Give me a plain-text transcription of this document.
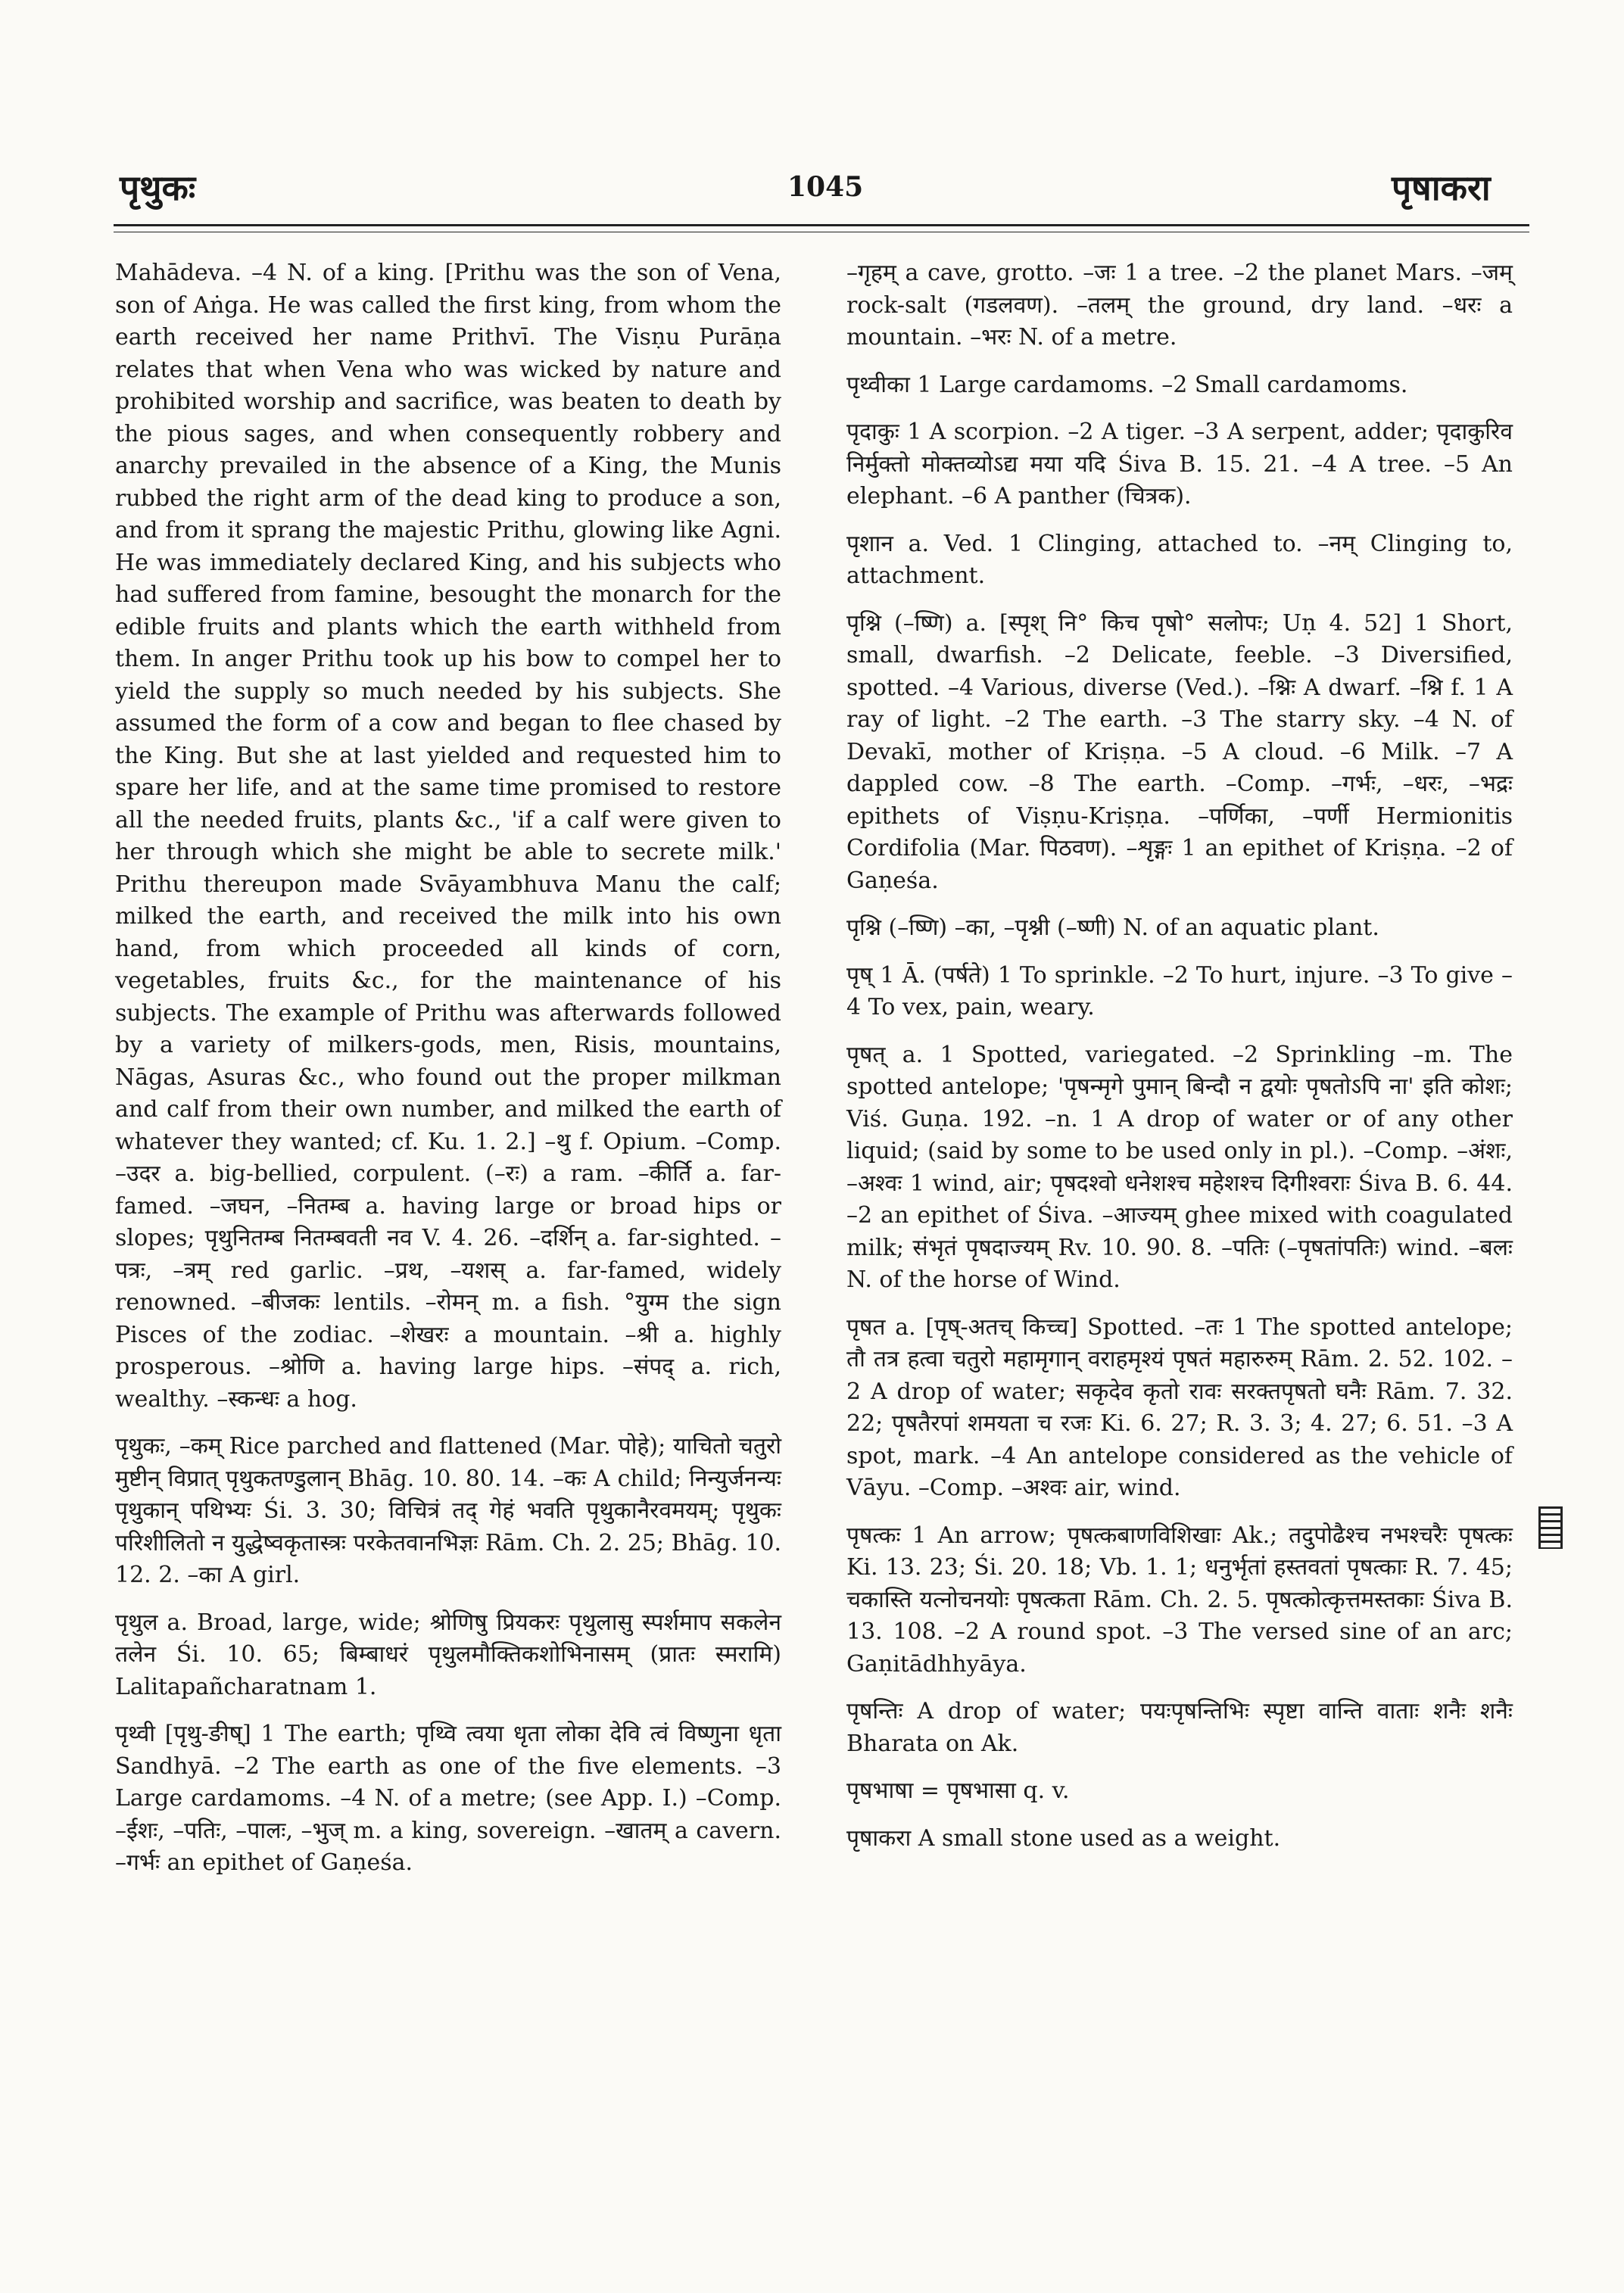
पृथुकः	1045	पृषाकरा

Mahādeva. –4 N. of a king. [Prithu was the son of Vena, son of Aṅga. He was called the first king, from whom the earth received her name Prithvī. The Visṇu Purāṇa relates that when Vena who was wicked by nature and prohibited worship and sacrifice, was beaten to death by the pious sages, and when consequently robbery and anarchy prevailed in the absence of a King, the Munis rubbed the right arm of the dead king to produce a son, and from it sprang the majestic Prithu, glowing like Agni. He was immediately declared King, and his subjects who had suffered from famine, besought the monarch for the edible fruits and plants which the earth withheld from them. In anger Prithu took up his bow to compel her to yield the supply so much needed by his subjects. She assumed the form of a cow and began to flee chased by the King. But she at last yielded and requested him to spare her life, and at the same time promised to restore all the needed fruits, plants &c., 'if a calf were given to her through which she might be able to secrete milk.' Prithu thereupon made Svāyambhuva Manu the calf; milked the earth, and received the milk into his own hand, from which proceeded all kinds of corn, vegetables, fruits &c., for the maintenance of his subjects. The example of Prithu was afterwards followed by a variety of milkers-gods, men, Risis, mountains, Nāgas, Asuras &c., who found out the proper milkman and calf from their own number, and milked the earth of whatever they wanted; cf. Ku. 1. 2.] –थु f. Opium. –Comp. –उदर a. big-bellied, corpulent. (–रः) a ram. –कीर्ति a. far-famed. –जघन, –नितम्ब a. having large or broad hips or slopes; पृथुनितम्ब नितम्बवती नव V. 4. 26. –दर्शिन् a. far-sighted. –पत्रः, –त्रम् red garlic. –प्रथ, –यशस् a. far-famed, widely renowned. –बीजकः lentils. –रोमन् m. a fish. °युग्म the sign Pisces of the zodiac. –शेखरः a mountain. –श्री a. highly prosperous. –श्रोणि a. having large hips. –संपद् a. rich, wealthy. –स्कन्धः a hog.

पृथुकः, –कम् Rice parched and flattened (Mar. पोहे); याचितो चतुरो मुष्टीन् विप्रात् पृथुकतण्डुलान् Bhāg. 10. 80. 14. –कः A child; निन्युर्जनन्यः पृथुकान् पथिभ्यः Śi. 3. 30; विचित्रं तद् गेहं भवति पृथुकानैरवमयम्; पृथुकः परिशीलितो न युद्धेष्वकृतास्त्रः परकेतवानभिज्ञः Rām. Ch. 2. 25; Bhāg. 10. 12. 2. –का A girl.

पृथुल a. Broad, large, wide; श्रोणिषु प्रियकरः पृथुलासु स्पर्शमाप सकलेन तलेन Śi. 10. 65; बिम्बाधरं पृथुलमौक्तिकशोभिनासम् (प्रातः स्मरामि) Lalitapañcharatnam 1.

पृथ्वी [पृथु-ङीष्] 1 The earth; पृथ्वि त्वया धृता लोका देवि त्वं विष्णुना धृता Sandhyā. –2 The earth as one of the five elements. –3 Large cardamoms. –4 N. of a metre; (see App. I.) –Comp. –ईशः, –पतिः, –पालः, –भुज् m. a king, sovereign. –खातम् a cavern. –गर्भः an epithet of Gaṇeśa.

–गृहम् a cave, grotto. –जः 1 a tree. –2 the planet Mars. –जम् rock-salt (गडलवण). –तलम् the ground, dry land. –धरः a mountain. –भरः N. of a metre.

पृथ्वीका 1 Large cardamoms. –2 Small cardamoms.

पृदाकुः 1 A scorpion. –2 A tiger. –3 A serpent, adder; पृदाकुरिव निर्मुक्तो मोक्तव्योऽद्य मया यदि Śiva B. 15. 21. –4 A tree. –5 An elephant. –6 A panther (चित्रक).

पृशान a. Ved. 1 Clinging, attached to. –नम् Clinging to, attachment.

पृश्नि (–ष्णि) a. [स्पृश् नि° किच पृषो° सलोपः; Uṇ 4. 52] 1 Short, small, dwarfish. –2 Delicate, feeble. –3 Diversified, spotted. –4 Various, diverse (Ved.). –श्निः A dwarf. –श्नि f. 1 A ray of light. –2 The earth. –3 The starry sky. –4 N. of Devakī, mother of Kriṣṇa. –5 A cloud. –6 Milk. –7 A dappled cow. –8 The earth. –Comp. –गर्भः, –धरः, –भद्रः epithets of Viṣṇu-Kriṣṇa. –पर्णिका, –पर्णी Hermionitis Cordifolia (Mar. पिठवण). –शृङ्गः 1 an epithet of Kriṣṇa. –2 of Gaṇeśa.

पृश्नि (–ष्णि) –का, –पृश्नी (–ष्णी) N. of an aquatic plant.

पृष् 1 Ā. (पर्षते) 1 To sprinkle. –2 To hurt, injure. –3 To give –4 To vex, pain, weary.

पृषत् a. 1 Spotted, variegated. –2 Sprinkling –m. The spotted antelope; 'पृषन्मृगे पुमान् बिन्दौ न द्वयोः पृषतोऽपि ना' इति कोशः; Viś. Guṇa. 192. –n. 1 A drop of water or of any other liquid; (said by some to be used only in pl.). –Comp. –अंशः, –अश्वः 1 wind, air; पृषदश्वो धनेशश्च महेशश्च दिगीश्वराः Śiva B. 6. 44. –2 an epithet of Śiva. –आज्यम् ghee mixed with coagulated milk; संभृतं पृषदाज्यम् Rv. 10. 90. 8. –पतिः (–पृषतांपतिः) wind. –बलः N. of the horse of Wind.

पृषत a. [पृष्-अतच् किच्च] Spotted. –तः 1 The spotted antelope; तौ तत्र हत्वा चतुरो महामृगान् वराहमृश्यं पृषतं महारुरुम् Rām. 2. 52. 102. –2 A drop of water; सकृदेव कृतो रावः सरक्तपृषतो घनैः Rām. 7. 32. 22; पृषतैरपां शमयता च रजः Ki. 6. 27; R. 3. 3; 4. 27; 6. 51. –3 A spot, mark. –4 An antelope considered as the vehicle of Vāyu. –Comp. –अश्वः air, wind.

पृषत्कः 1 An arrow; पृषत्कबाणविशिखाः Ak.; तदुपोढैश्च नभश्चरैः पृषत्कः Ki. 13. 23; Śi. 20. 18; Vb. 1. 1; धनुर्भृतां हस्तवतां पृषत्काः R. 7. 45; चकास्ति यत्नोचनयोः पृषत्कता Rām. Ch. 2. 5. पृषत्कोत्कृत्तमस्तकाः Śiva B. 13. 108. –2 A round spot. –3 The versed sine of an arc; Gaṇitādhhyāya.

पृषन्तिः A drop of water; पयःपृषन्तिभिः स्पृष्टा वान्ति वाताः शनैः शनैः Bharata on Ak.

पृषभाषा = पृषभासा q. v.

पृषाकरा A small stone used as a weight.
